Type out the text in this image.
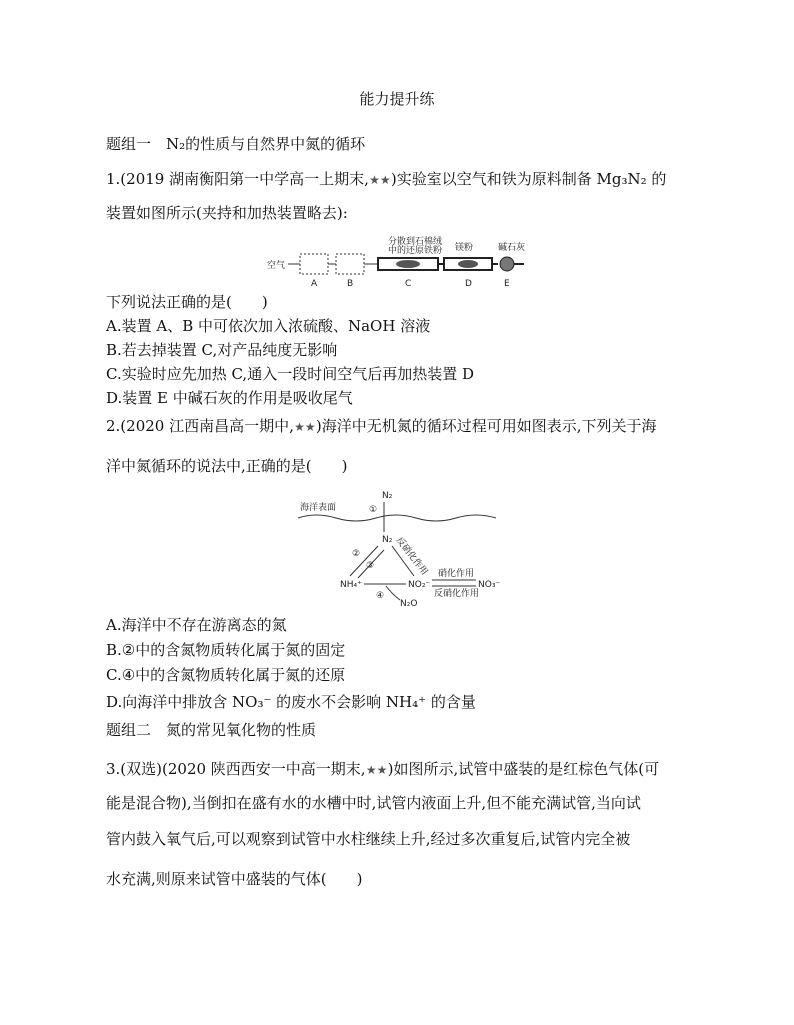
能力提升练
题组一　N₂的性质与自然界中氮的循环
1.(2019 湖南衡阳第一中学高一上期末,★★)实验室以空气和铁为原料制备 Mg₃N₂ 的
装置如图所示(夹持和加热装置略去):
空气
分散到石棉绒
中的还原铁粉 镁粉	碱石灰
A	B	C	D	E
下列说法正确的是(　　)
A.装置 A、B 中可依次加入浓硫酸、NaOH 溶液
B.若去掉装置 C,对产品纯度无影响
C.实验时应先加热 C,通入一段时间空气后再加热装置 D
D.装置 E 中碱石灰的作用是吸收尾气
2.(2020 江西南昌高一期中,★★)海洋中无机氮的循环过程可用如图表示,下列关于海
洋中氮循环的说法中,正确的是(　　)
海洋表面
N₂
①
N₂
②
③ 反硝化作用
NH₄⁺	NO₂⁻
④
N₂O
硝化作用
反硝化作用
NO₃⁻
A.海洋中不存在游离态的氮
B.②中的含氮物质转化属于氮的固定
C.④中的含氮物质转化属于氮的还原
D.向海洋中排放含 NO₃⁻ 的废水不会影响 NH₄⁺ 的含量
题组二　氮的常见氧化物的性质
3.(双选)(2020 陕西西安一中高一期末,★★)如图所示,试管中盛装的是红棕色气体(可
能是混合物),当倒扣在盛有水的水槽中时,试管内液面上升,但不能充满试管,当向试
管内鼓入氧气后,可以观察到试管中水柱继续上升,经过多次重复后,试管内完全被
水充满,则原来试管中盛装的气体(　　)
